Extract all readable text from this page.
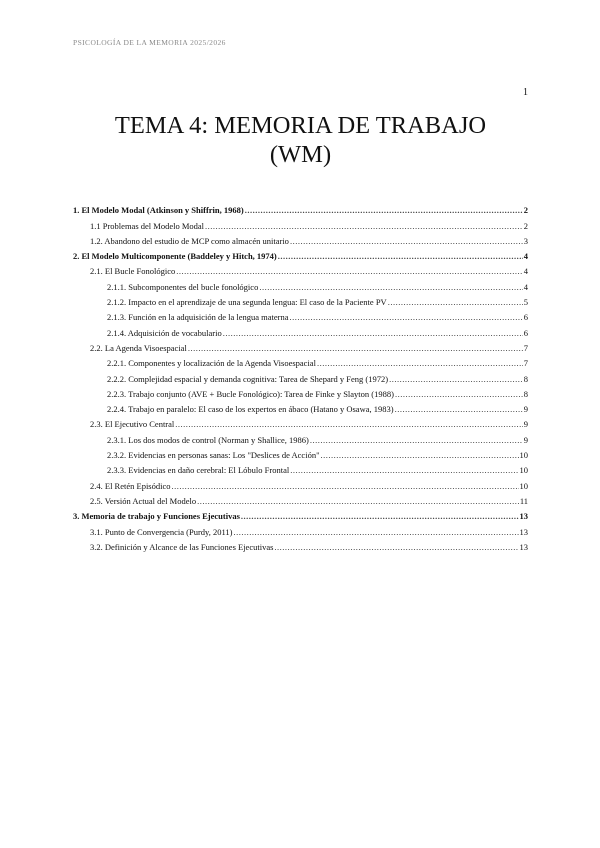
PSICOLOGÍA DE LA MEMORIA 2025/2026
1
TEMA 4: MEMORIA DE TRABAJO
(WM)
1. El Modelo Modal (Atkinson y Shiffrin, 1968) .....	2
1.1 Problemas del Modelo Modal .....	2
1.2. Abandono del estudio de MCP como almacén unitario .....	3
2. El Modelo Multicomponente (Baddeley y Hitch, 1974) .....	4
2.1. El Bucle Fonológico .....	4
2.1.1. Subcomponentes del bucle fonológico .....	4
2.1.2. Impacto en el aprendizaje de una segunda lengua: El caso de la Paciente PV .....	5
2.1.3. Función en la adquisición de la lengua materna .....	6
2.1.4. Adquisición de vocabulario .....	6
2.2. La Agenda Visoespacial .....	7
2.2.1. Componentes y localización de la Agenda Visoespacial .....	7
2.2.2. Complejidad espacial y demanda cognitiva: Tarea de Shepard y Feng (1972) .....	8
2.2.3. Trabajo conjunto (AVE + Bucle Fonológico): Tarea de Finke y Slayton (1988) .....	8
2.2.4. Trabajo en paralelo: El caso de los expertos en ábaco (Hatano y Osawa, 1983) .....	9
2.3. El Ejecutivo Central .....	9
2.3.1. Los dos modos de control (Norman y Shallice, 1986) .....	9
2.3.2. Evidencias en personas sanas: Los "Deslices de Acción" .....	10
2.3.3. Evidencias en daño cerebral: El Lóbulo Frontal .....	10
2.4. El Retén Episódico .....	10
2.5. Versión Actual del Modelo .....	11
3. Memoria de trabajo y Funciones Ejecutivas .....	13
3.1. Punto de Convergencia (Purdy, 2011) .....	13
3.2. Definición y Alcance de las Funciones Ejecutivas .....	13
